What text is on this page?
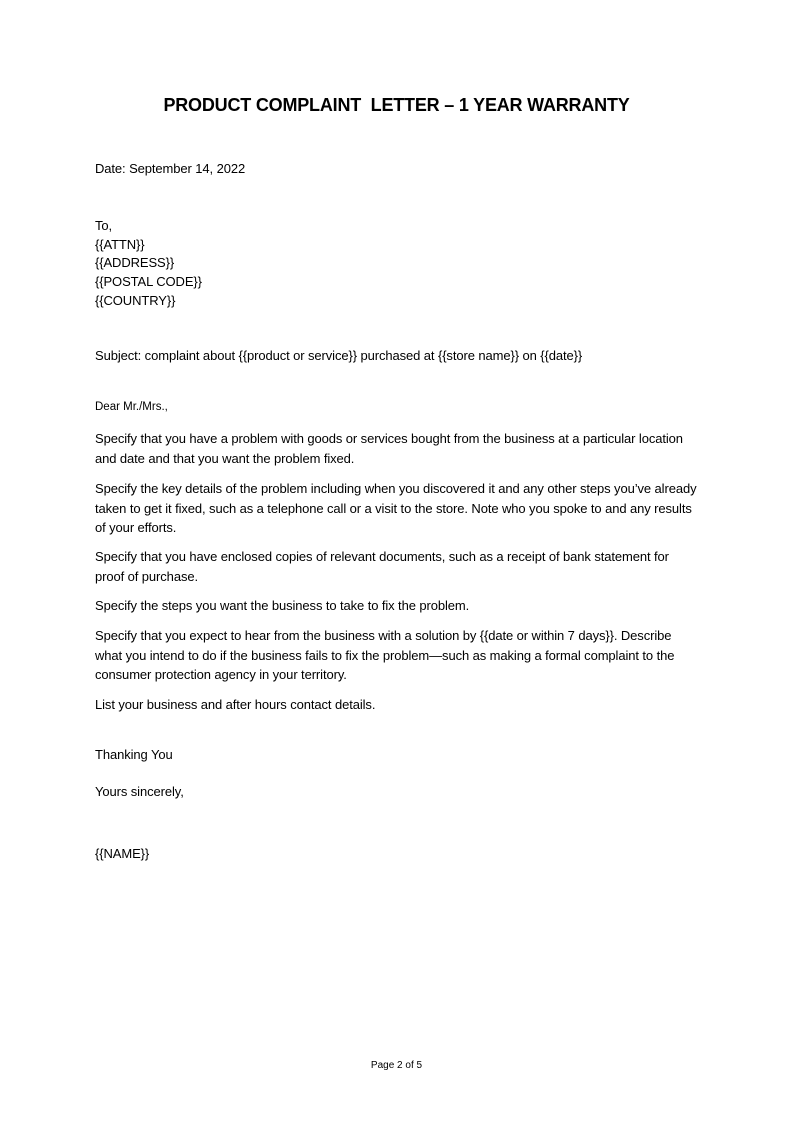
PRODUCT COMPLAINT  LETTER – 1 YEAR WARRANTY
Date: September 14, 2022
To,
{{ATTN}}
{{ADDRESS}}
{{POSTAL CODE}}
{{COUNTRY}}
Subject: complaint about {{product or service}} purchased at {{store name}} on {{date}}
Dear Mr./Mrs.,
Specify that you have a problem with goods or services bought from the business at a particular location and date and that you want the problem fixed.
Specify the key details of the problem including when you discovered it and any other steps you’ve already taken to get it fixed, such as a telephone call or a visit to the store. Note who you spoke to and any results of your efforts.
Specify that you have enclosed copies of relevant documents, such as a receipt of bank statement for proof of purchase.
Specify the steps you want the business to take to fix the problem.
Specify that you expect to hear from the business with a solution by {{date or within 7 days}}. Describe what you intend to do if the business fails to fix the problem—such as making a formal complaint to the consumer protection agency in your territory.
List your business and after hours contact details.
Thanking You
Yours sincerely,
{{NAME}}
Page 2 of 5
